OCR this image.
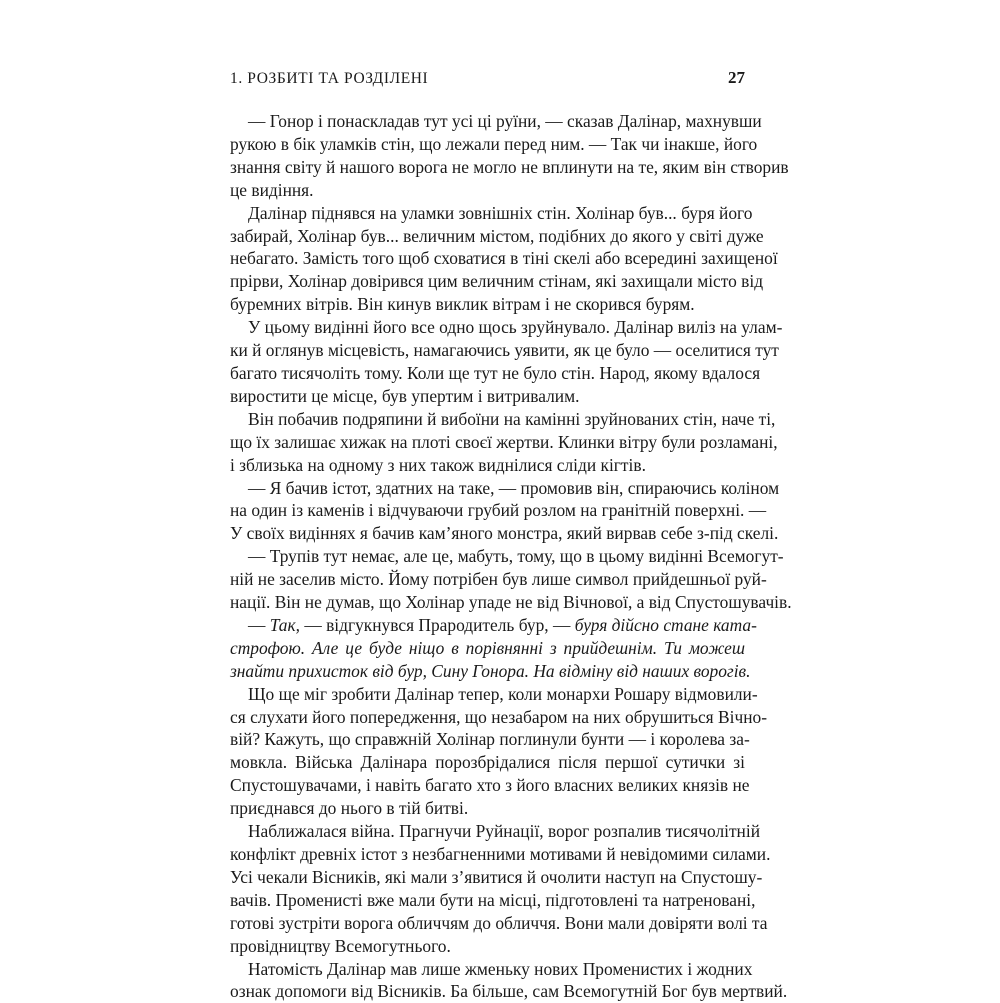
1. РОЗБИТІ ТА РОЗДІЛЕНІ	27
— Гонор і понаскладав тут усі ці руїни, — сказав Далінар, махнувши
рукою в бік уламків стін, що лежали перед ним. — Так чи інакше, його
знання світу й нашого ворога не могло не вплинути на те, яким він створив
це видіння.
Далінар піднявся на уламки зовнішніх стін. Холінар був... буря його
забирай, Холінар був... величним містом, подібних до якого у світі дуже
небагато. Замість того щоб сховатися в тіні скелі або всередині захищеної
прірви, Холінар довірився цим величним стінам, які захищали місто від
буремних вітрів. Він кинув виклик вітрам і не скорився бурям.
У цьому видінні його все одно щось зруйнувало. Далінар виліз на улам-
ки й оглянув місцевість, намагаючись уявити, як це було — оселитися тут
багато тисячоліть тому. Коли ще тут не було стін. Народ, якому вдалося
виростити це місце, був упертим і витривалим.
Він побачив подряпини й вибоїни на камінні зруйнованих стін, наче ті,
що їх залишає хижак на плоті своєї жертви. Клинки вітру були розламані,
і зблизька на одному з них також виднілися сліди кігтів.
— Я бачив істот, здатних на таке, — промовив він, спираючись коліном
на один із каменів і відчуваючи грубий розлом на гранітній поверхні. —
У своїх видіннях я бачив кам’яного монстра, який вирвав себе з-під скелі.
— Трупів тут немає, але це, мабуть, тому, що в цьому видінні Всемогут-
ній не заселив місто. Йому потрібен був лише символ прийдешньої руй-
нації. Він не думав, що Холінар упаде не від Вічнової, а від Спустошувачів.
— Так, — відгукнувся Прародитель бур, — буря дійсно стане ката-
строфою. Але це буде ніщо в порівнянні з прийдешнім. Ти можеш
знайти прихисток від бур, Сину Гонора. На відміну від наших ворогів.
Що ще міг зробити Далінар тепер, коли монархи Рошару відмовили-
ся слухати його попередження, що незабаром на них обрушиться Вічно-
вій? Кажуть, що справжній Холінар поглинули бунти — і королева за-
мовкла. Війська Далінара порозбрідалися після першої сутички зі
Спустошувачами, і навіть багато хто з його власних великих князів не
приєднався до нього в тій битві.
Наближалася війна. Прагнучи Руйнації, ворог розпалив тисячолітній
конфлікт древніх істот з незбагненними мотивами й невідомими силами.
Усі чекали Вісників, які мали з’явитися й очолити наступ на Спустошу-
вачів. Променисті вже мали бути на місці, підготовлені та натреновані,
готові зустріти ворога обличчям до обличчя. Вони мали довіряти волі та
провідництву Всемогутнього.
Натомість Далінар мав лише жменьку нових Променистих і жодних
ознак допомоги від Вісників. Ба більше, сам Всемогутній Бог був мертвий.
